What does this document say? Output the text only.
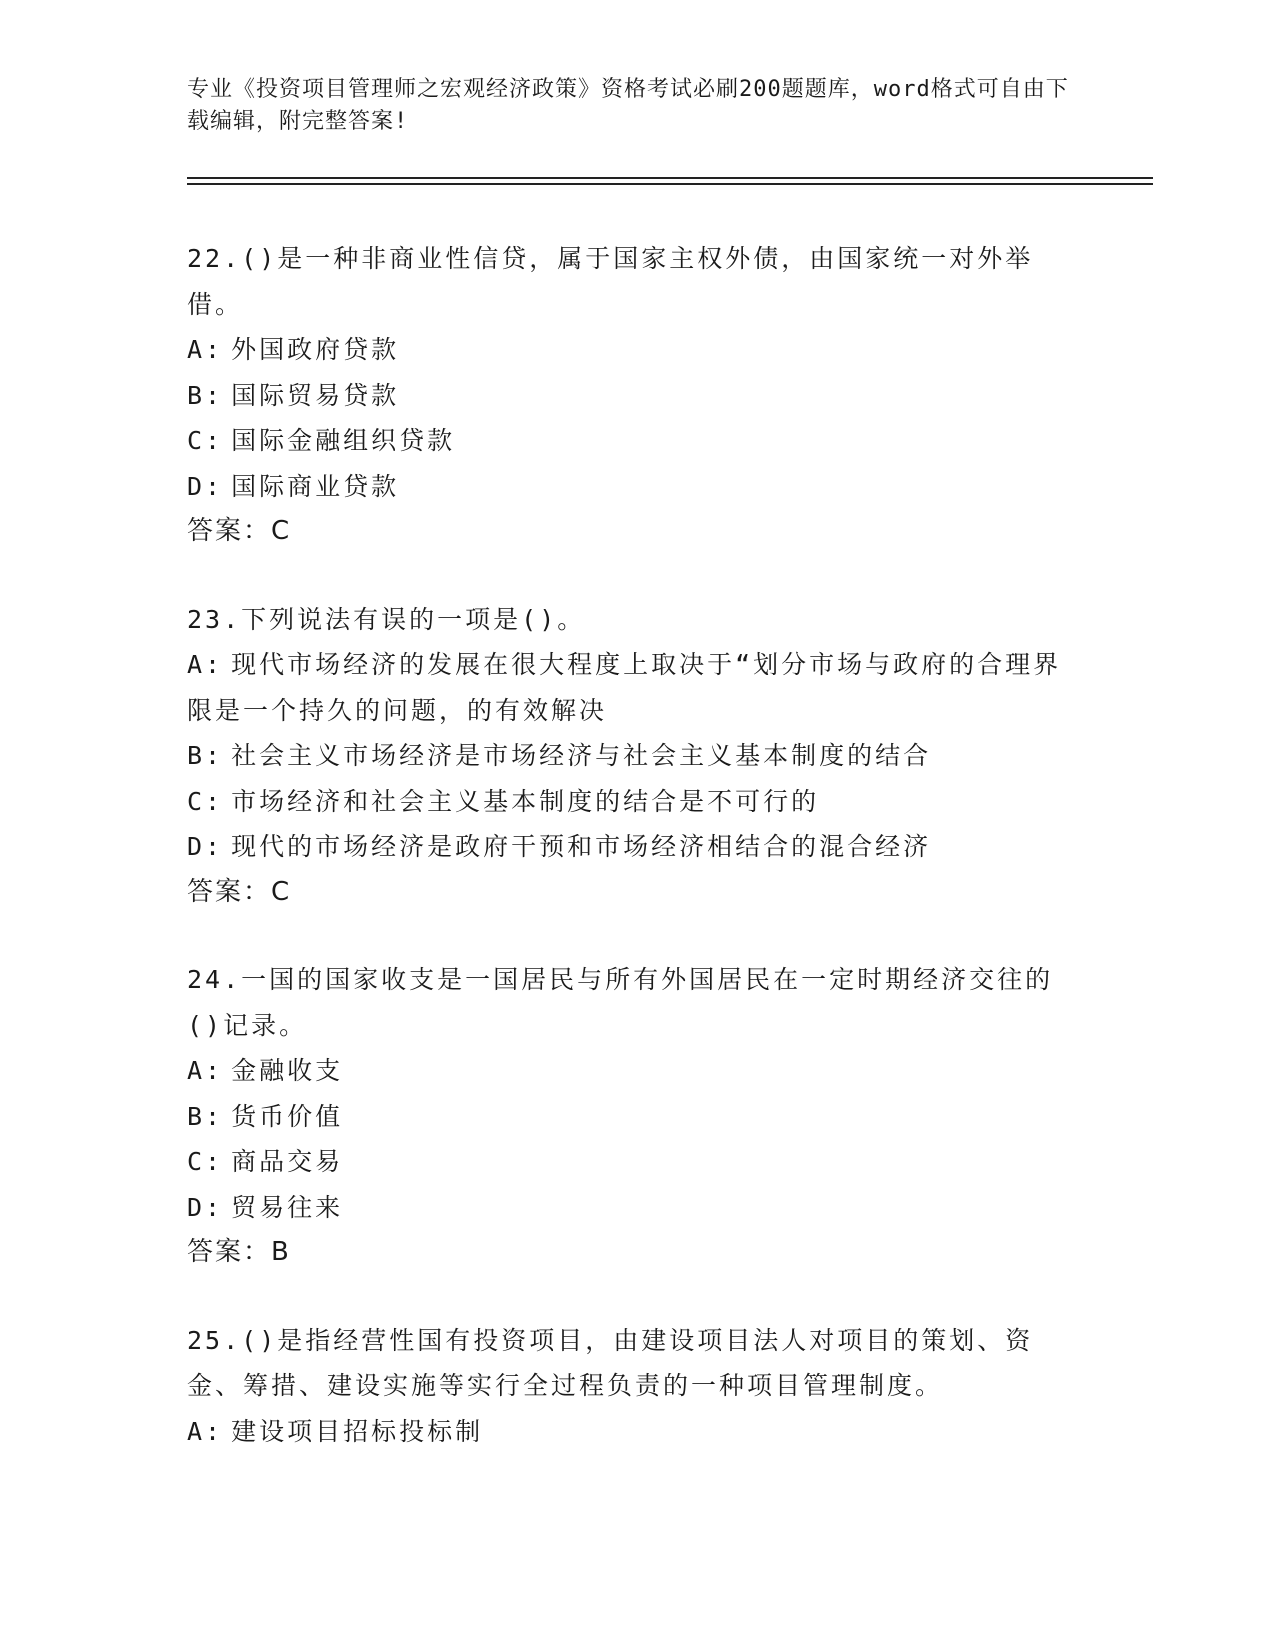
专业《投资项目管理师之宏观经济政策》资格考试必刷200题题库，word格式可自由下载编辑，附完整答案!
22.()是一种非商业性信贷，属于国家主权外债，由国家统一对外举借。
A: 外国政府贷款
B: 国际贸易贷款
C: 国际金融组织贷款
D: 国际商业贷款
答案：C
23.下列说法有误的一项是()。
A: 现代市场经济的发展在很大程度上取决于“划分市场与政府的合理界限是一个持久的问题，的有效解决
B: 社会主义市场经济是市场经济与社会主义基本制度的结合
C: 市场经济和社会主义基本制度的结合是不可行的
D: 现代的市场经济是政府干预和市场经济相结合的混合经济
答案：C
24.一国的国家收支是一国居民与所有外国居民在一定时期经济交往的()记录。
A: 金融收支
B: 货币价值
C: 商品交易
D: 贸易往来
答案：B
25.()是指经营性国有投资项目，由建设项目法人对项目的策划、资金、筹措、建设实施等实行全过程负责的一种项目管理制度。
A: 建设项目招标投标制
